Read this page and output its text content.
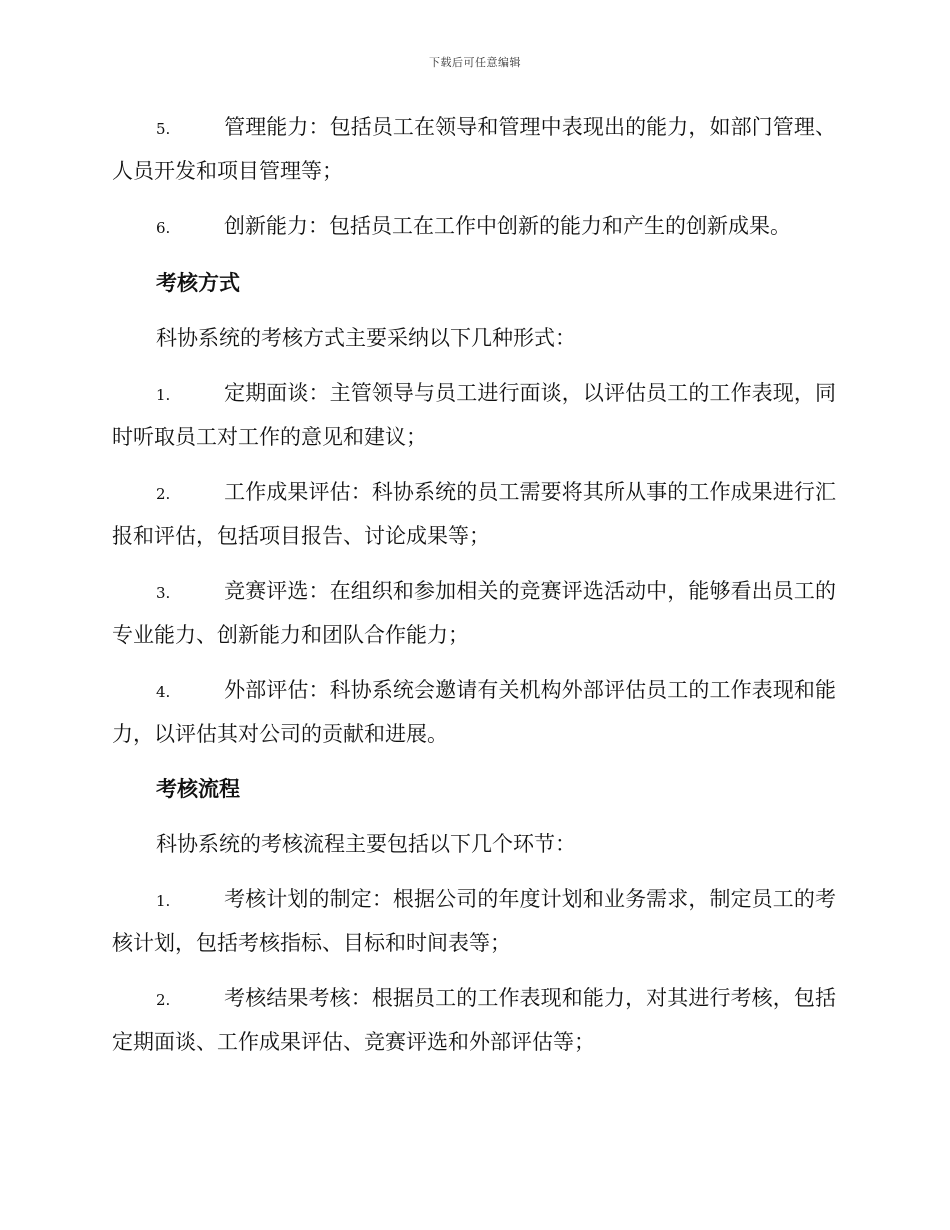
下载后可任意编辑

5.	管理能力：包括员工在领导和管理中表现出的能力，如部门管理、人员开发和项目管理等；

6.	创新能力：包括员工在工作中创新的能力和产生的创新成果。

考核方式

科协系统的考核方式主要采纳以下几种形式：

1.	定期面谈：主管领导与员工进行面谈，以评估员工的工作表现，同时听取员工对工作的意见和建议；

2.	工作成果评估：科协系统的员工需要将其所从事的工作成果进行汇报和评估，包括项目报告、讨论成果等；

3.	竞赛评选：在组织和参加相关的竞赛评选活动中，能够看出员工的专业能力、创新能力和团队合作能力；

4.	外部评估：科协系统会邀请有关机构外部评估员工的工作表现和能力，以评估其对公司的贡献和进展。

考核流程

科协系统的考核流程主要包括以下几个环节：

1.	考核计划的制定：根据公司的年度计划和业务需求，制定员工的考核计划，包括考核指标、目标和时间表等；

2.	考核结果考核：根据员工的工作表现和能力，对其进行考核，包括定期面谈、工作成果评估、竞赛评选和外部评估等；
